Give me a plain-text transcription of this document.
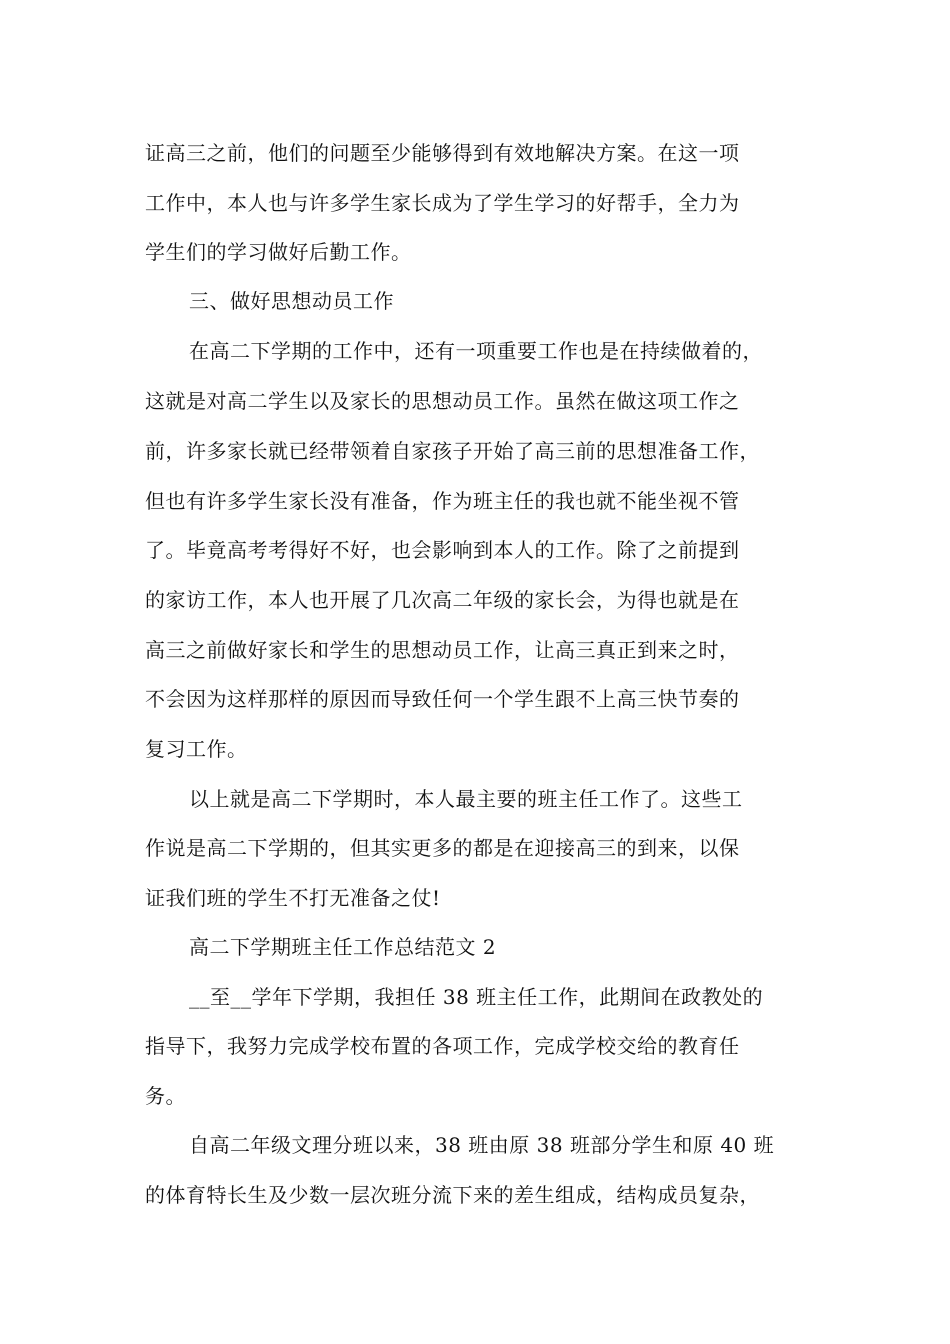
证高三之前，他们的问题至少能够得到有效地解决方案。在这一项
工作中，本人也与许多学生家长成为了学生学习的好帮手，全力为
学生们的学习做好后勤工作。
三、做好思想动员工作
在高二下学期的工作中，还有一项重要工作也是在持续做着的，
这就是对高二学生以及家长的思想动员工作。虽然在做这项工作之
前，许多家长就已经带领着自家孩子开始了高三前的思想准备工作，
但也有许多学生家长没有准备，作为班主任的我也就不能坐视不管
了。毕竟高考考得好不好，也会影响到本人的工作。除了之前提到
的家访工作，本人也开展了几次高二年级的家长会，为得也就是在
高三之前做好家长和学生的思想动员工作，让高三真正到来之时，
不会因为这样那样的原因而导致任何一个学生跟不上高三快节奏的
复习工作。
以上就是高二下学期时，本人最主要的班主任工作了。这些工
作说是高二下学期的，但其实更多的都是在迎接高三的到来，以保
证我们班的学生不打无准备之仗!
高二下学期班主任工作总结范文 2
__至__学年下学期，我担任 38 班主任工作，此期间在政教处的
指导下，我努力完成学校布置的各项工作，完成学校交给的教育任
务。
自高二年级文理分班以来，38 班由原 38 班部分学生和原 40 班
的体育特长生及少数一层次班分流下来的差生组成，结构成员复杂，
